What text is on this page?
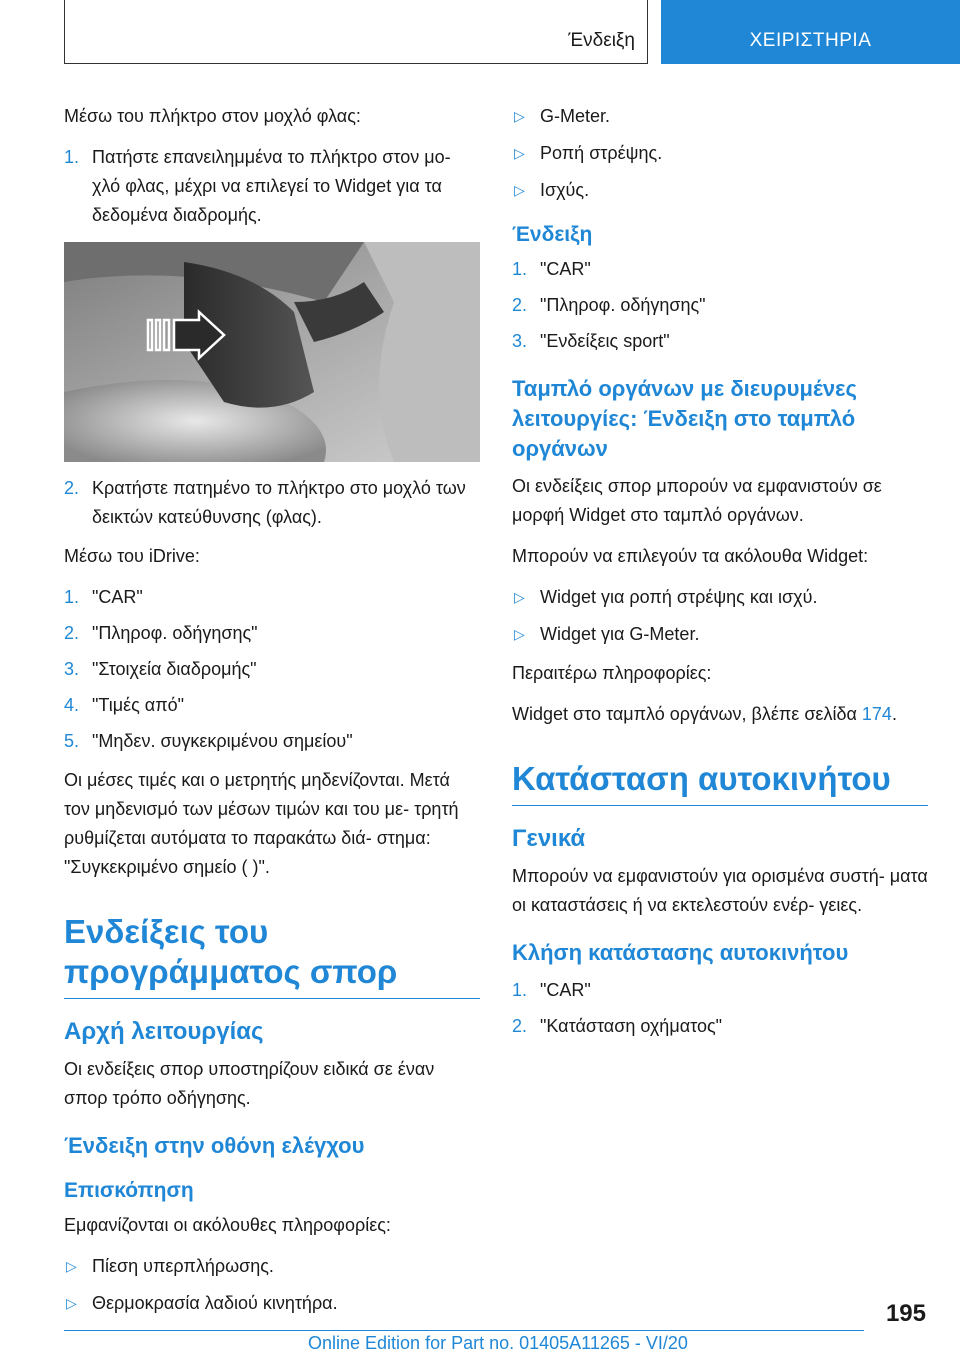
Ένδειξη	ΧΕΙΡΙΣΤΗΡΙΑ

Μέσω του πλήκτρο στον μοχλό φλας:

1. Πατήστε επανειλημμένα το πλήκτρο στον μο- χλό φλας, μέχρι να επιλεγεί το Widget για τα δεδομένα διαδρομής.
2. Κρατήστε πατημένο το πλήκτρο στο μοχλό των δεικτών κατεύθυνσης (φλας).

Μέσω του iDrive:

1. "CAR"
2. "Πληροφ. οδήγησης"
3. "Στοιχεία διαδρομής"
4. "Τιμές από"
5. "Μηδεν. συγκεκριμένου σημείου"

Οι μέσες τιμές και ο μετρητής μηδενίζονται. Μετά τον μηδενισμό των μέσων τιμών και του με- τρητή ρυθμίζεται αυτόματα το παρακάτω διά- στημα: "Συγκεκριμένο σημείο ( )".

Ενδείξεις του προγράμματος σπορ
Αρχή λειτουργίας

Οι ενδείξεις σπορ υποστηρίζουν ειδικά σε έναν σπορ τρόπο οδήγησης.

Ένδειξη στην οθόνη ελέγχου
Επισκόπηση

Εμφανίζονται οι ακόλουθες πληροφορίες:

▷ Πίεση υπερπλήρωσης.
▷ Θερμοκρασία λαδιού κινητήρα.
▷ G-Meter.
▷ Ροπή στρέψης.
▷ Ισχύς.
Ένδειξη
1. "CAR"
2. "Πληροφ. οδήγησης"
3. "Ενδείξεις sport"
Ταμπλό οργάνων με διευρυμένες λειτουργίες: Ένδειξη στο ταμπλό οργάνων

Οι ενδείξεις σπορ μπορούν να εμφανιστούν σε μορφή Widget στο ταμπλό οργάνων.

Μπορούν να επιλεγούν τα ακόλουθα Widget:

▷ Widget για ροπή στρέψης και ισχύ.
▷ Widget για G-Meter.

Περαιτέρω πληροφορίες:

Widget στο ταμπλό οργάνων, βλέπε σελίδα 174.

Κατάσταση αυτοκινήτου
Γενικά

Μπορούν να εμφανιστούν για ορισμένα συστή- ματα οι καταστάσεις ή να εκτελεστούν ενέρ- γειες.

Κλήση κατάστασης αυτοκινήτου
1. "CAR"
2. "Κατάσταση οχήματος"
195
Online Edition for Part no. 01405A11265 - VI/20
